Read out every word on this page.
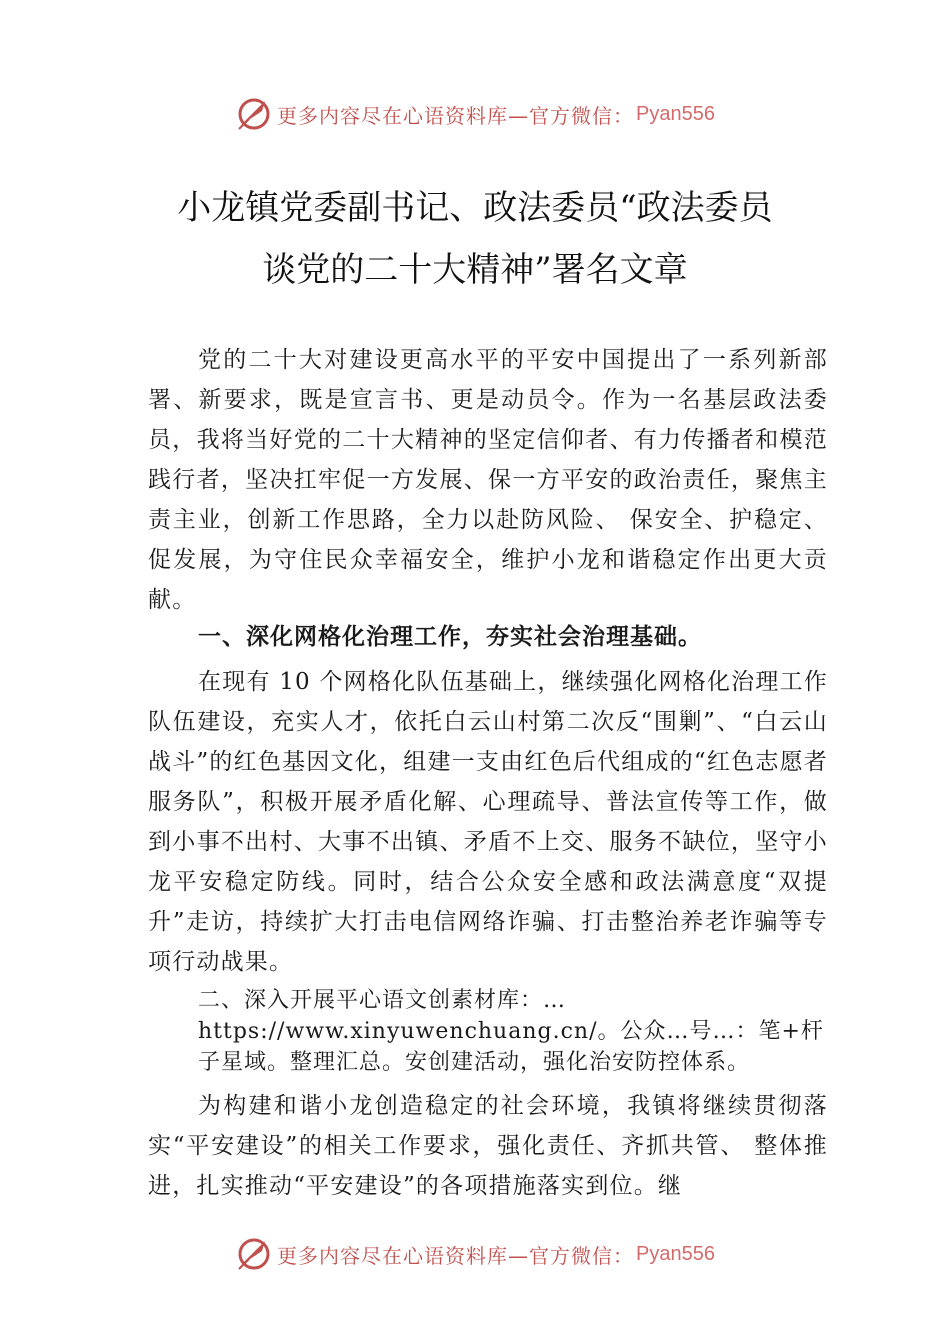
更多内容尽在心语资料库—官方微信： Pyan556
小龙镇党委副书记、政法委员“政法委员
谈党的二十大精神”署名文章

党的二十大对建设更高水平的平安中国提出了一系列新部署、新要求，既是宣言书、更是动员令。作为一名基层政法委员，我将当好党的二十大精神的坚定信仰者、有力传播者和模范践行者，坚决扛牢促一方发展、保一方平安的政治责任，聚焦主责主业，创新工作思路，全力以赴防风险、 保安全、护稳定、促发展，为守住民众幸福安全，维护小龙和谐稳定作出更大贡献。

一、深化网格化治理工作，夯实社会治理基础。

在现有 10 个网格化队伍基础上，继续强化网格化治理工作队伍建设，充实人才，依托白云山村第二次反“围剿”、“白云山战斗”的红色基因文化，组建一支由红色后代组成的“红色志愿者服务队”，积极开展矛盾化解、心理疏导、普法宣传等工作，做到小事不出村、大事不出镇、矛盾不上交、服务不缺位，坚守小龙平安稳定防线。同时，结合公众安全感和政法满意度“双提升”走访，持续扩大打击电信网络诈骗、打击整治养老诈骗等专项行动战果。

二、深入开展平心语文创素材库：…https://www.xinyuwenchuang.cn/。公众…号…：笔+杆子星域。整理汇总。安创建活动，强化治安防控体系。

为构建和谐小龙创造稳定的社会环境，我镇将继续贯彻落实“平安建设”的相关工作要求，强化责任、齐抓共管、 整体推进，扎实推动“平安建设”的各项措施落实到位。继

更多内容尽在心语资料库—官方微信： Pyan556
